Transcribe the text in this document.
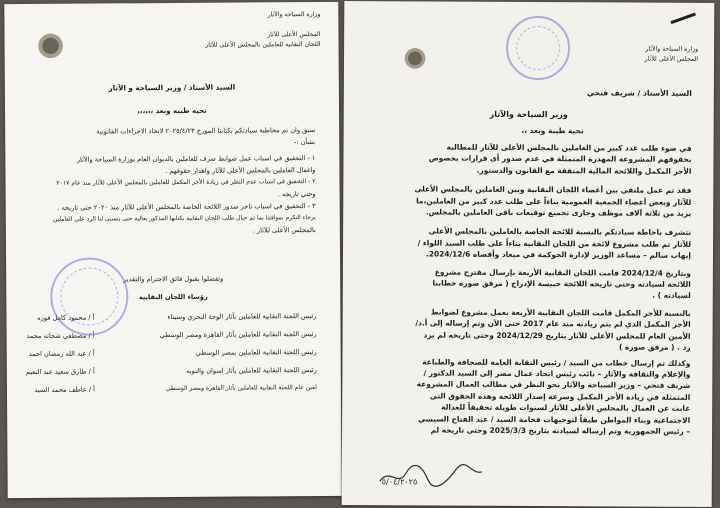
وزارة السياحة والآثار
المجلس الأعلى للآثار
اللجان النقابية للعاملين بالمجلس الأعلى للآثار
السيد الأستاذ / وزير السياحة و الآثار
تحيه طيبه وبعد ،،،،،،
سبق وان تم مخاطبة سيادتكم بكتابنا المورخ ٢٠٢٥/٤/٢٣ لاتخاذ الاجراءات القانونية
بشأن :-
١ - التحقيق في اسباب عمل ضوابط صرف للعاملين بالديوان العام بوزارة السياحة والآثار
واغفال العاملين بالمجلس الأعلى للآثار واهدار حقوقهم .
٢ - التحقيق في اسباب عدم النظر في زيادة الأجر المكمل للعاملين بالمجلس الأعلى للآثار منذ عام ٢٠١٧
وحتي تاريخه .
٣ - التحقيق في اسباب تاخر صدور اللائحة الخاصة بالمجلس الأعلى للآثار منذ ٢٠٢٠ حتى تاريخه .
برجاء التكرم بموافتنا بما تم حيال طلب اللجان النقابية بكتابها المذكور بعالية حتى يتسنى لنا الرد على العاملين
بالمجلس الأعلى للآثار .
وتفضلوا بقبول فائق الاحترام والتقدير
رؤساء اللجان النقابية
رئيس اللجنة النقابية للعاملين بآثار الوجة البحري وسيناء
أ / محمود كامل فوزه
رئيس اللجنة النقابية للعاملين بآثار القاهرة ومصر الوسطي
أ / مصطفي شحاته محمد
رئيس اللجنة النقابية للعاملين بمصر الوسطي
أ / عبد الله رمضان احمد
رئيس اللجنة النقابية للعاملين بآثار اسوان والنوبه
أ / طارق سعيد عبد النعيم
امين عام اللجنة النقابية للعاملين بآثار القاهرة ومصر الوسطي
أ / عاطف محمد السيد
وزارة السياحة والآثار
المجلس الأعلى للآثار
السيد الأستاذ / شريف فتحي
وزير السياحة والآثار
تحية طيبة وبعد ،،
في ضوء طلب عدد كبير من العاملين بالمجلس الأعلى للآثار للمطالبة
بحقوقهم المشروعة المهدرة المتمثلة في عدم صدور أى قرارات بخصوص
الأجر المكمل واللائحة المالية المتفقة مع القانون والدستور.
فقد تم عمل ملتقى بين أعضاء اللجان النقابية وبين العاملين بالمجلس الأعلى
للآثار وبعض أعضاء الجمعية العمومية بناءاً على طلب عدد كبير من العاملين،ما
يزيد من ثلاثة آلاف موظف وجارى تجميع توقيعات باقى العاملين بالمجلس.
نتشرف باحاطة سيادتكم بالنسبة للائحة الخاصة بالعاملين بالمجلس الأعلى
للآثار تم طلب مشروع لائحة من اللجان النقابية بناءاً على طلب السيد اللواء /
إيهاب سالم – مساعد الوزير لإدارة الحوكمة في ميعاد وأقصاه 2024/12/6.
وبتاريخ 2024/12/4 قامت اللجان النقابية الأربعة بإرسال مقترح مشروع
اللائحة لسيادته وحتى تاريخه اللائحة حبيسة الإدراج ( مرفق صورة خطابنا
لسيادته ) .
بالنسبة للأجر المكمل قامت اللجان النقابية الأربعة بعمل مشروع لضوابط
الأجر المكمل الذي لم يتم زيادته منذ عام 2017 حتى الآن وتم إرساله إلى أ.د/
الأمين العام للمجلس الأعلى للآثار بتاريخ 2024/12/29 وحتى تاريخه لم يرد
رد . ( مرفق صورة )
وكذلك تم إرسال خطاب من السيد / رئيس النقابة العامة للصحافة والطباعة
والإعلام والثقافة والآثار – نائب رئيس اتحاد عمال مصر إلى السيد الدكتور /
شريف فتحي – وزير السياحة والآثار نحو النظر في مطالب العمال المشروعة
المتمثلة في زيادة الأجر المكمل وسرعة إصدار اللائحة وهذه الحقوق التى
غابت عن العمال بالمجلس الأعلى للآثار لسنوات طويلة تحقيقاً للعدالة
الاجتماعية وبناء المواطن طبقاً لتوجيهات فخامة السيد / عبد الفتاح السيسي
– رئيس الجمهورية وتم إرساله لسيادته بتاريخ 2025/3/3 وحتى تاريخه لم
٥/٠٤/٢٠٢٥
